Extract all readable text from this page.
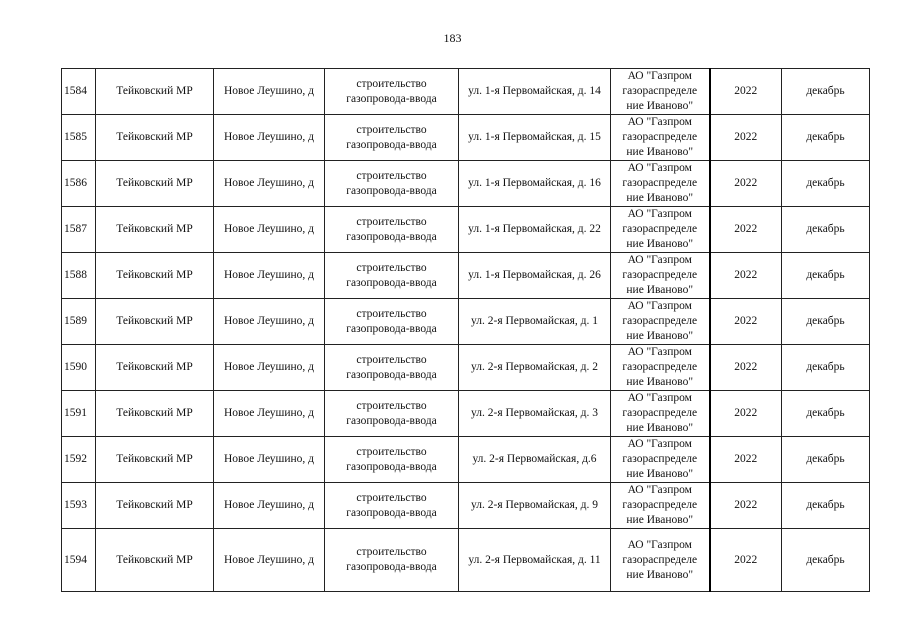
183
1584	Тейковский МР	Новое Леушино, д	строительство газопровода-ввода	ул. 1-я Первомайская, д. 14	АО "Газпром газораспределе ние Иваново"	2022	декабрь
1585	Тейковский МР	Новое Леушино, д	строительство газопровода-ввода	ул. 1-я Первомайская, д. 15	АО "Газпром газораспределе ние Иваново"	2022	декабрь
1586	Тейковский МР	Новое Леушино, д	строительство газопровода-ввода	ул. 1-я Первомайская, д. 16	АО "Газпром газораспределе ние Иваново"	2022	декабрь
1587	Тейковский МР	Новое Леушино, д	строительство газопровода-ввода	ул. 1-я Первомайская, д. 22	АО "Газпром газораспределе ние Иваново"	2022	декабрь
1588	Тейковский МР	Новое Леушино, д	строительство газопровода-ввода	ул. 1-я Первомайская, д. 26	АО "Газпром газораспределе ние Иваново"	2022	декабрь
1589	Тейковский МР	Новое Леушино, д	строительство газопровода-ввода	ул. 2-я Первомайская, д. 1	АО "Газпром газораспределе ние Иваново"	2022	декабрь
1590	Тейковский МР	Новое Леушино, д	строительство газопровода-ввода	ул. 2-я Первомайская, д. 2	АО "Газпром газораспределе ние Иваново"	2022	декабрь
1591	Тейковский МР	Новое Леушино, д	строительство газопровода-ввода	ул. 2-я Первомайская, д. 3	АО "Газпром газораспределе ние Иваново"	2022	декабрь
1592	Тейковский МР	Новое Леушино, д	строительство газопровода-ввода	ул. 2-я Первомайская, д.6	АО "Газпром газораспределе ние Иваново"	2022	декабрь
1593	Тейковский МР	Новое Леушино, д	строительство газопровода-ввода	ул. 2-я Первомайская, д. 9	АО "Газпром газораспределе ние Иваново"	2022	декабрь
1594	Тейковский МР	Новое Леушино, д	строительство газопровода-ввода	ул. 2-я Первомайская, д. 11	АО "Газпром газораспределе ние Иваново"	2022	декабрь
